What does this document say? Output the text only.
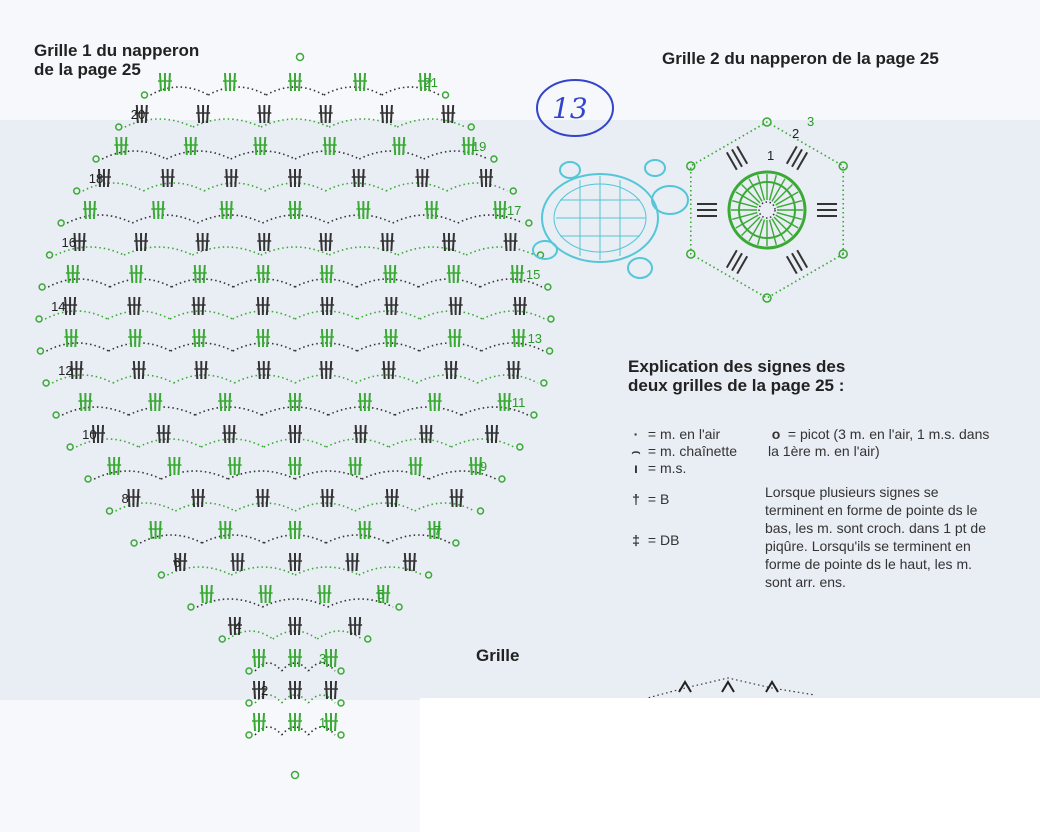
Grille 1 du napperon
de la page 25
Grille 2 du napperon de la page 25
1
2
3
4
5
6
7
8
9
10
11
12
13
14
15
16
17
18
19
20
21
1
2
3
13
Explication des signes des deux grilles de la page 25 :
· = m. en l'air
⌢ = m. chaînette
ı = m.s.
† = B
‡ = DB
o = picot (3 m. en l'air, 1 m.s. dans la 1ère m. en l'air)
Lorsque plusieurs signes se terminent en forme de pointe ds le bas, les m. sont croch. dans 1 pt de piqûre. Lorsqu'ils se terminent en forme de pointe ds le haut, les m. sont arr. ens.
Grille
